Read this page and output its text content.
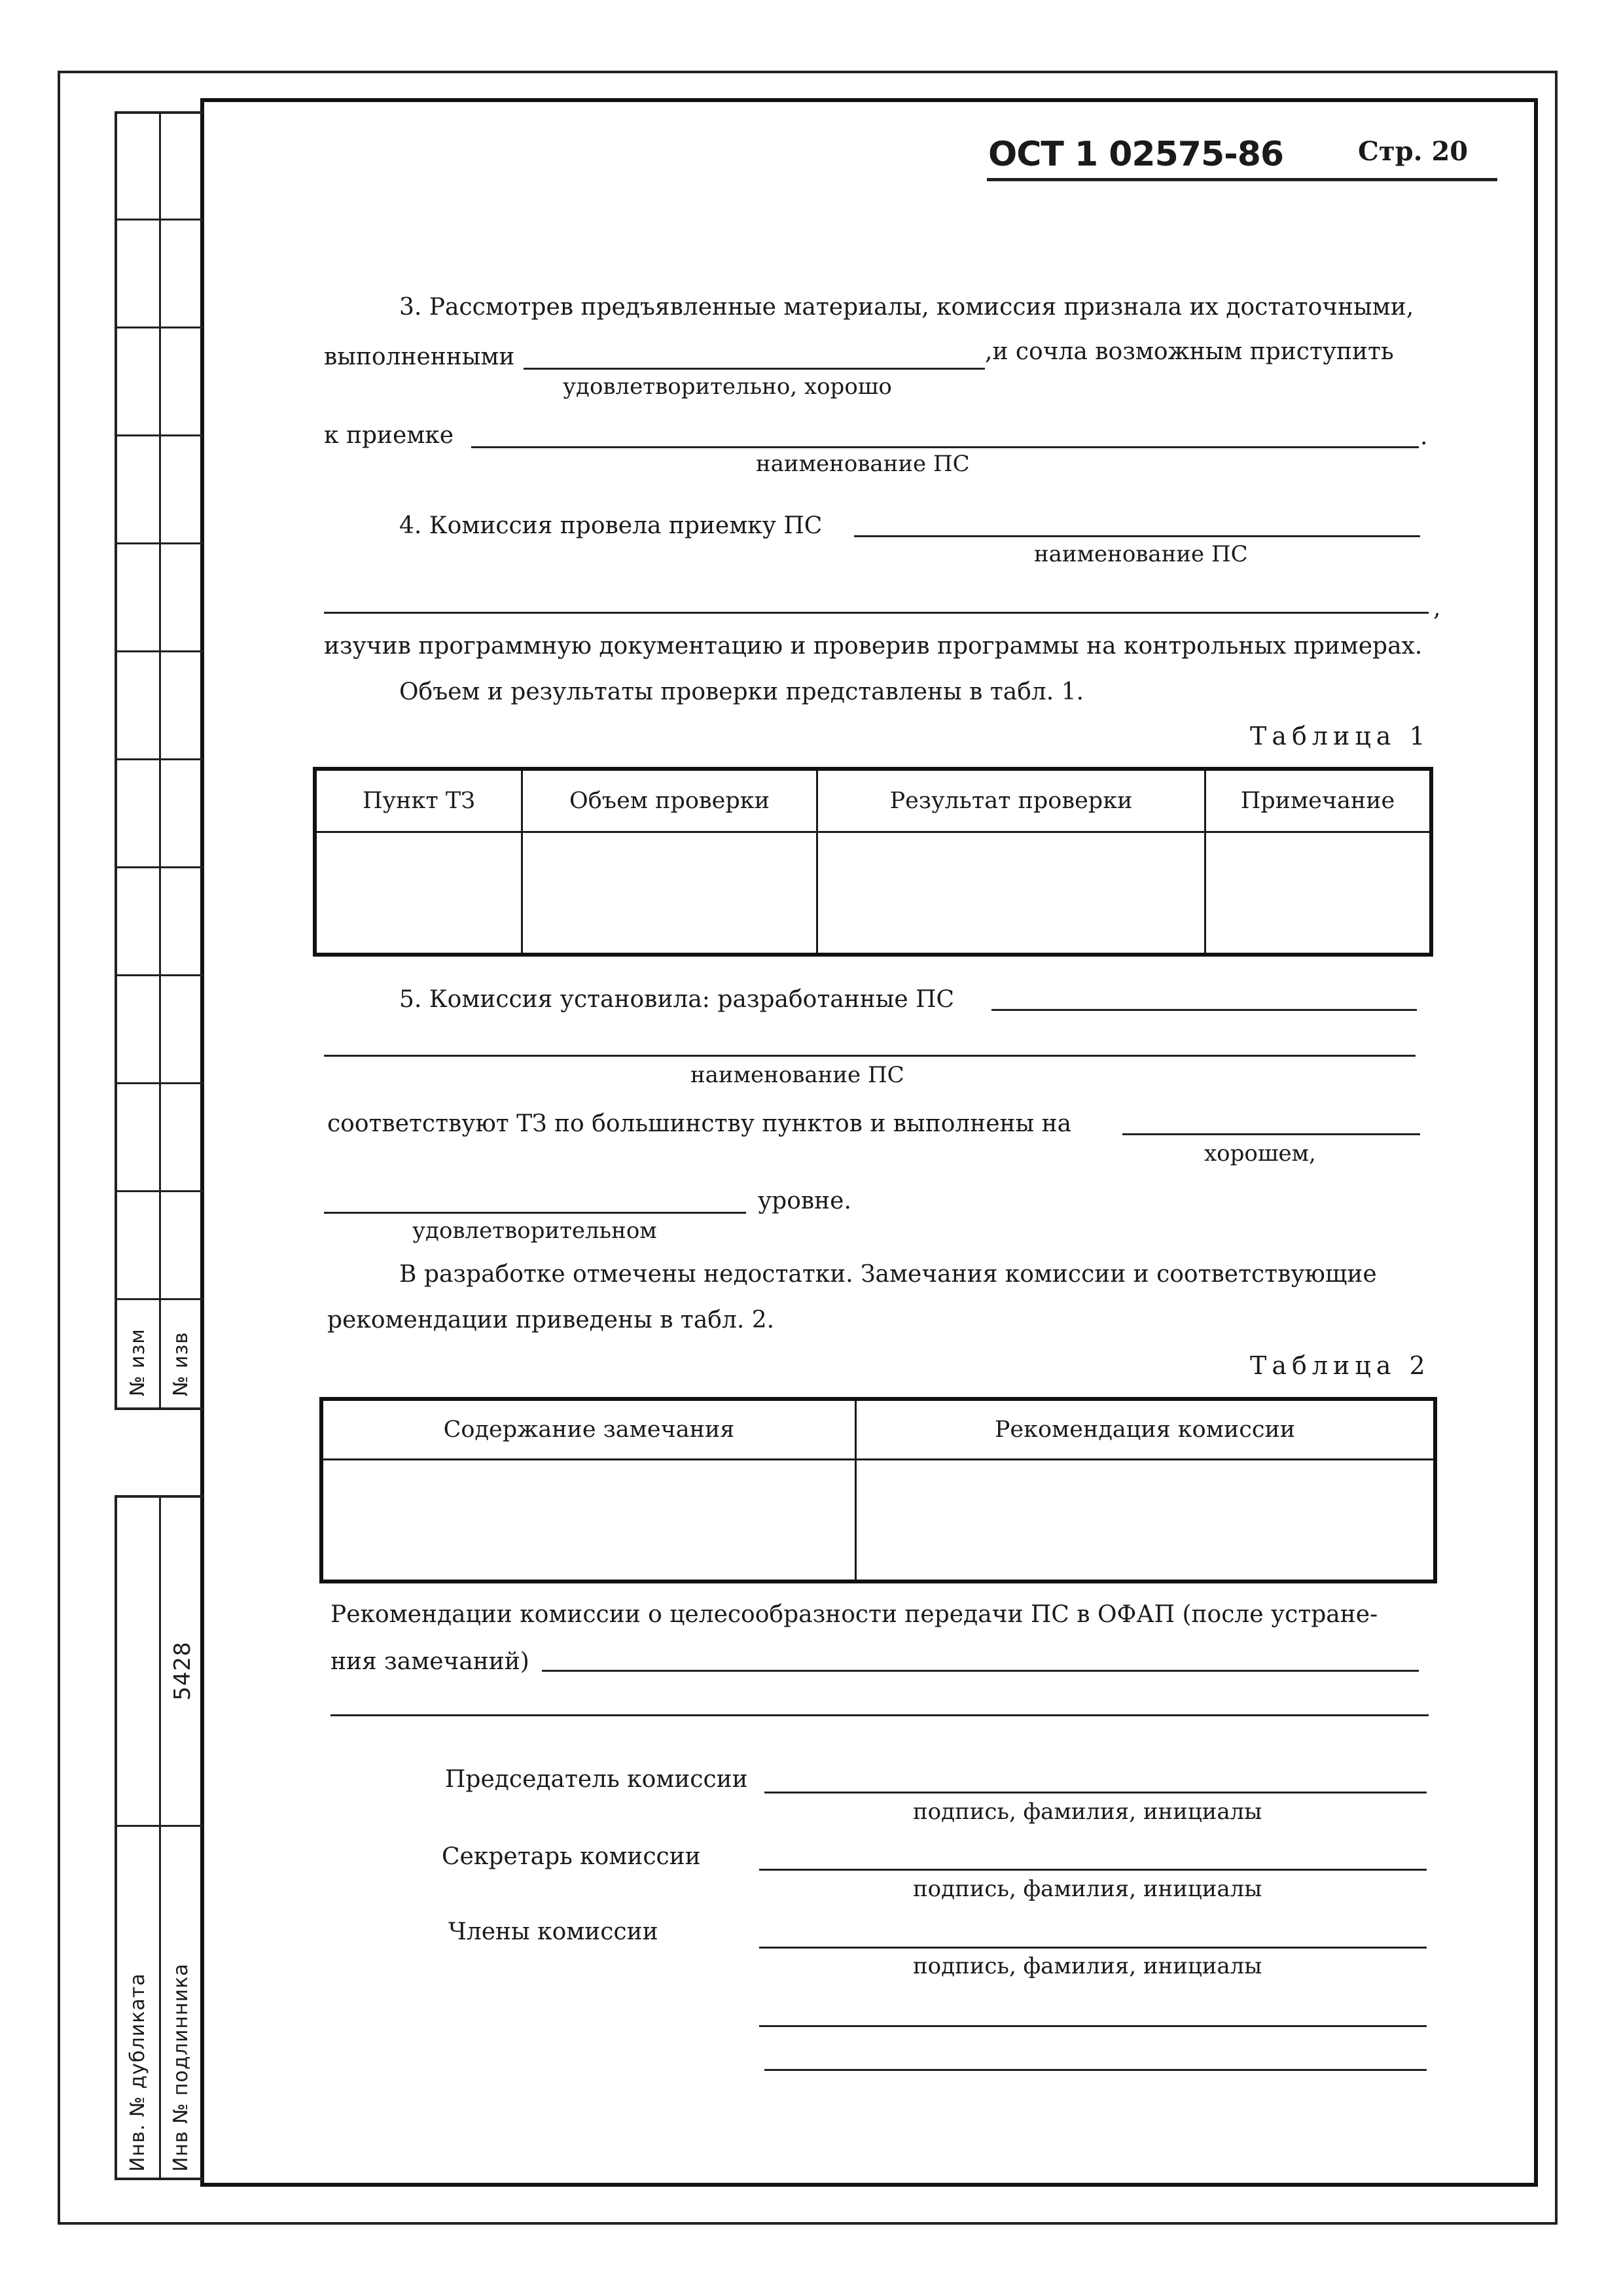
№ изм № изв
5428
Инв. № дубликата Инв № подлинника
ОСТ 1 02575-86	Стр. 20
3. Рассмотрев предъявленные материалы, комиссия признала их достаточными,
выполненными	,и сочла возможным приступить
удовлетворительно, хорошо
к приемке	.
наименование ПС
4. Комиссия провела приемку ПС
наименование ПС
,
изучив программную документацию и проверив программы на контрольных примерах.
Объем и результаты проверки представлены в табл. 1.
Таблица 1
Пункт ТЗ	Объем проверки	Результат проверки	Примечание

5. Комиссия установила: разработанные ПС
наименование ПС
соответствуют ТЗ по большинству пунктов и выполнены на
хорошем,
уровне.
удовлетворительном
В разработке отмечены недостатки. Замечания комиссии и соответствующие
рекомендации приведены в табл. 2.
Таблица 2
Содержание замечания	Рекомендация комиссии

Рекомендации комиссии о целесообразности передачи ПС в ОФАП (после устране-
ния замечаний)
Председатель комиссии
подпись, фамилия, инициалы
Секретарь комиссии
подпись, фамилия, инициалы
Члены комиссии
подпись, фамилия, инициалы
